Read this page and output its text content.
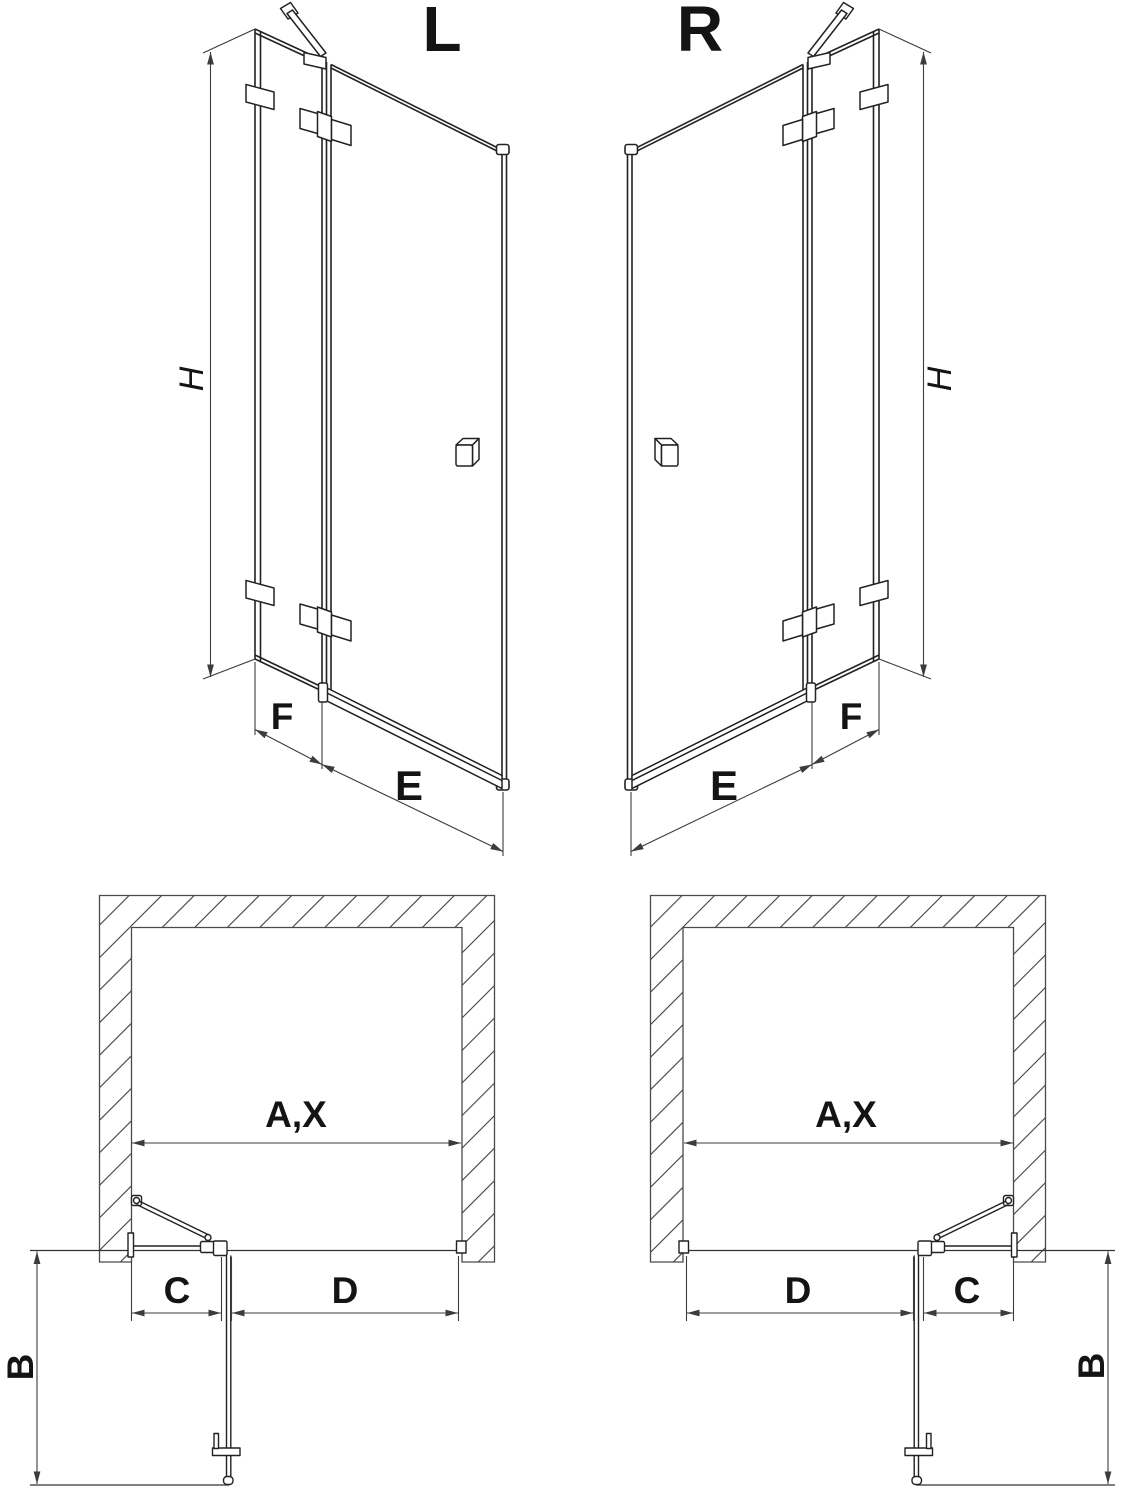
L	R
H	H
F	F
E	E
A,X	A,X
C	D	D	C
B	B
